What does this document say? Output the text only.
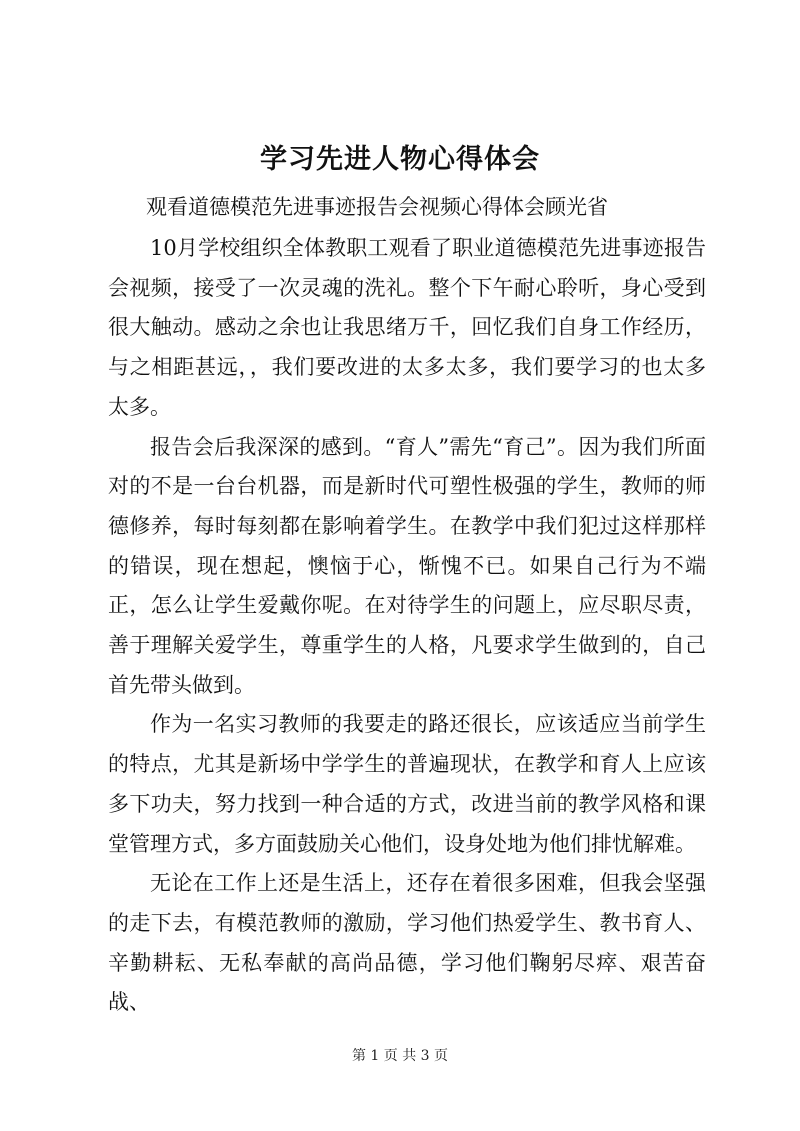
学习先进人物心得体会
观看道德模范先进事迹报告会视频心得体会顾光省

10月学校组织全体教职工观看了职业道德模范先进事迹报告会视频，接受了一次灵魂的洗礼。整个下午耐心聆听，身心受到很大触动。感动之余也让我思绪万千，回忆我们自身工作经历，与之相距甚远，，我们要改进的太多太多，我们要学习的也太多太多。

报告会后我深深的感到。“育人”需先“育己”。因为我们所面对的不是一台台机器，而是新时代可塑性极强的学生，教师的师德修养，每时每刻都在影响着学生。在教学中我们犯过这样那样的错误，现在想起，懊恼于心，惭愧不已。如果自己行为不端正，怎么让学生爱戴你呢。在对待学生的问题上，应尽职尽责，善于理解关爱学生，尊重学生的人格，凡要求学生做到的，自己首先带头做到。

作为一名实习教师的我要走的路还很长，应该适应当前学生的特点，尤其是新场中学学生的普遍现状，在教学和育人上应该多下功夫，努力找到一种合适的方式，改进当前的教学风格和课堂管理方式，多方面鼓励关心他们，设身处地为他们排忧解难。

无论在工作上还是生活上，还存在着很多困难，但我会坚强的走下去，有模范教师的激励，学习他们热爱学生、教书育人、辛勤耕耘、无私奉献的高尚品德，学习他们鞠躬尽瘁、艰苦奋战、

第 1 页 共 3 页
